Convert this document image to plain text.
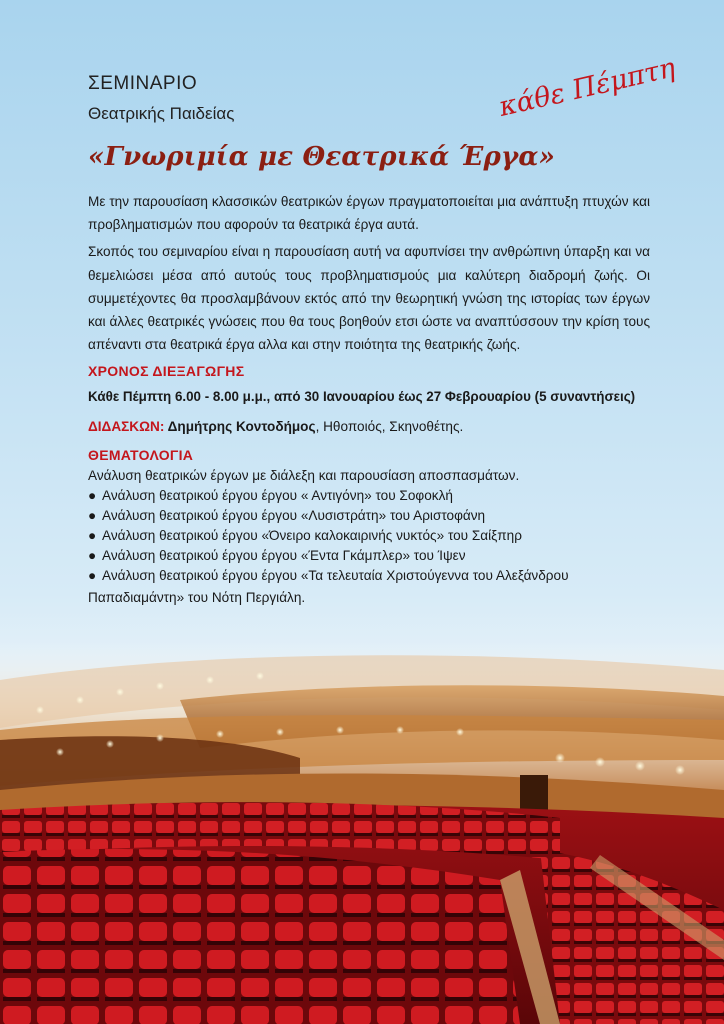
ΣΕΜΙΝΑΡΙΟ
Θεατρικής Παιδείας
«Γνωριμία με Θεατρικά Έργα»
κάθε Πέμπτη

Με την παρουσίαση κλασσικών θεατρικών έργων πραγματοποιείται μια ανάπτυξη πτυχών και προβληματισμών που αφορούν τα θεατρικά έργα αυτά.

Σκοπός του σεμιναρίου είναι η παρουσίαση αυτή να αφυπνίσει την ανθρώπινη ύπαρξη και να θεμελιώσει μέσα από αυτούς τους προβληματισμούς μια καλύτερη διαδρομή ζωής. Οι συμμετέχοντες θα προσλαμβάνουν εκτός από την θεωρητική γνώση της ιστορίας των έργων και άλλες θεατρικές γνώσεις που θα τους βοηθούν ετσι ώστε να αναπτύσσουν την κρίση τους απέναντι στα θεατρικά έργα αλλα και στην ποιότητα της θεατρικής ζωής.

ΧΡΟΝΟΣ ΔΙΕΞΑΓΩΓΗΣ
Κάθε Πέμπτη 6.00 - 8.00 μ.μ., από 30 Ιανουαρίου έως 27 Φεβρουαρίου (5 συναντήσεις)
ΔΙΔΑΣΚΩΝ: Δημήτρης Κοντοδήμος, Ηθοποιός, Σκηνοθέτης.
ΘΕΜΑΤΟΛΟΓΙΑ
Ανάλυση θεατρικών έργων με διάλεξη και παρουσίαση αποσπασμάτων.
● Ανάλυση θεατρικού έργου έργου « Αντιγόνη» του Σοφοκλή
● Ανάλυση θεατρικού έργου έργου «Λυσιστράτη» του Αριστοφάνη
● Ανάλυση θεατρικού έργου «Όνειρο καλοκαιρινής νυκτός» του Σαίξπηρ
● Ανάλυση θεατρικού έργου έργου «Έντα Γκάμπλερ» του Ίψεν
● Ανάλυση θεατρικού έργου έργου «Τα τελευταία Χριστούγεννα του Αλεξάνδρου
Παπαδιαμάντη» του Νότη Περγιάλη.
